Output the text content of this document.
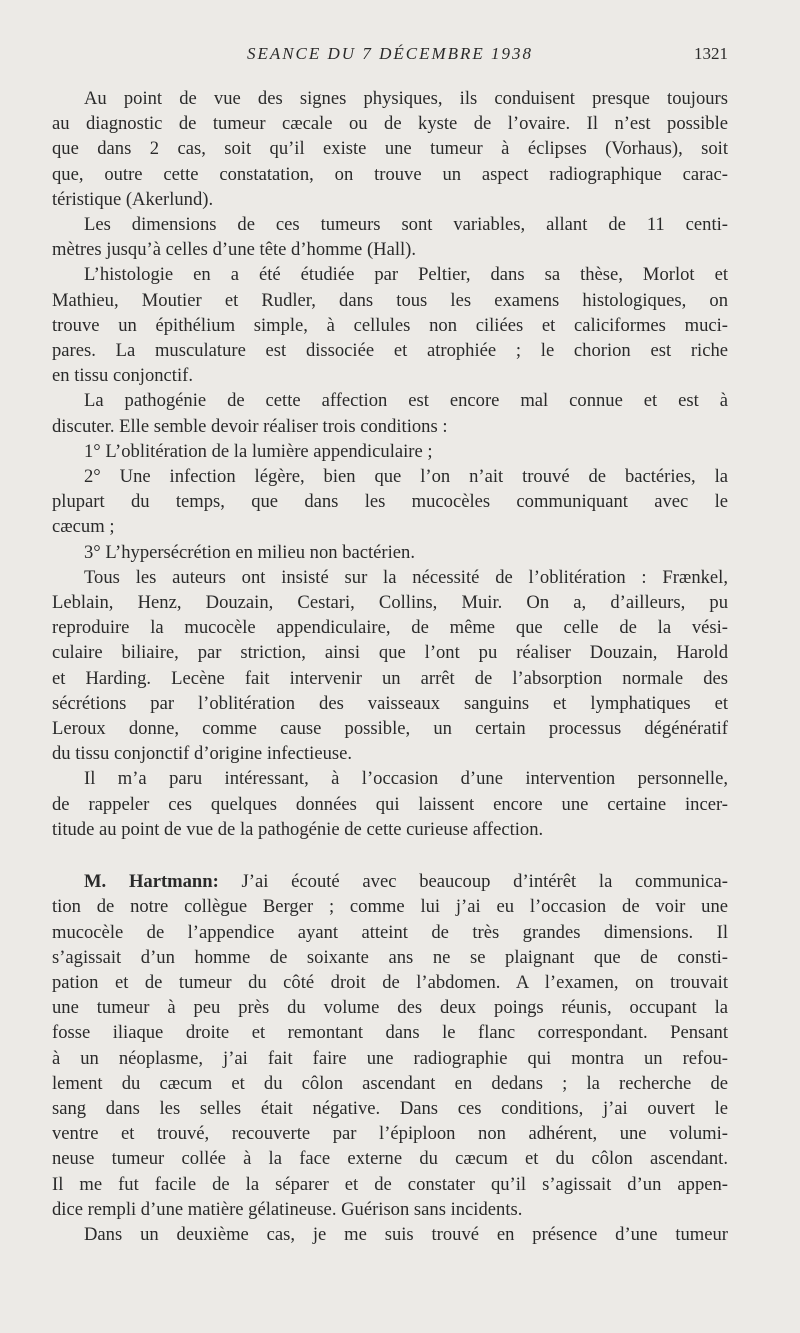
SEANCE DU 7 DÉCEMBRE 1938	1321
Au point de vue des signes physiques, ils conduisent presque toujours
au diagnostic de tumeur cæcale ou de kyste de l’ovaire. Il n’est possible
que dans 2 cas, soit qu’il existe une tumeur à éclipses (Vorhaus), soit
que, outre cette constatation, on trouve un aspect radiographique carac-
téristique (Akerlund).
Les dimensions de ces tumeurs sont variables, allant de 11 centi-
mètres jusqu’à celles d’une tête d’homme (Hall).
L’histologie en a été étudiée par Peltier, dans sa thèse, Morlot et
Mathieu, Moutier et Rudler, dans tous les examens histologiques, on
trouve un épithélium simple, à cellules non ciliées et caliciformes muci-
pares. La musculature est dissociée et atrophiée ; le chorion est riche
en tissu conjonctif.
La pathogénie de cette affection est encore mal connue et est à
discuter. Elle semble devoir réaliser trois conditions :
1° L’oblitération de la lumière appendiculaire ;
2° Une infection légère, bien que l’on n’ait trouvé de bactéries, la
plupart du temps, que dans les mucocèles communiquant avec le
cæcum ;
3° L’hypersécrétion en milieu non bactérien.
Tous les auteurs ont insisté sur la nécessité de l’oblitération : Frænkel,
Leblain, Henz, Douzain, Cestari, Collins, Muir. On a, d’ailleurs, pu
reproduire la mucocèle appendiculaire, de même que celle de la vési-
culaire biliaire, par striction, ainsi que l’ont pu réaliser Douzain, Harold
et Harding. Lecène fait intervenir un arrêt de l’absorption normale des
sécrétions par l’oblitération des vaisseaux sanguins et lymphatiques et
Leroux donne, comme cause possible, un certain processus dégénératif
du tissu conjonctif d’origine infectieuse.
Il m’a paru intéressant, à l’occasion d’une intervention personnelle,
de rappeler ces quelques données qui laissent encore une certaine incer-
titude au point de vue de la pathogénie de cette curieuse affection.
M. Hartmann: J’ai écouté avec beaucoup d’intérêt la communica-
tion de notre collègue Berger ; comme lui j’ai eu l’occasion de voir une
mucocèle de l’appendice ayant atteint de très grandes dimensions. Il
s’agissait d’un homme de soixante ans ne se plaignant que de consti-
pation et de tumeur du côté droit de l’abdomen. A l’examen, on trouvait
une tumeur à peu près du volume des deux poings réunis, occupant la
fosse iliaque droite et remontant dans le flanc correspondant. Pensant
à un néoplasme, j’ai fait faire une radiographie qui montra un refou-
lement du cæcum et du côlon ascendant en dedans ; la recherche de
sang dans les selles était négative. Dans ces conditions, j’ai ouvert le
ventre et trouvé, recouverte par l’épiploon non adhérent, une volumi-
neuse tumeur collée à la face externe du cæcum et du côlon ascendant.
Il me fut facile de la séparer et de constater qu’il s’agissait d’un appen-
dice rempli d’une matière gélatineuse. Guérison sans incidents.
Dans un deuxième cas, je me suis trouvé en présence d’une tumeur
